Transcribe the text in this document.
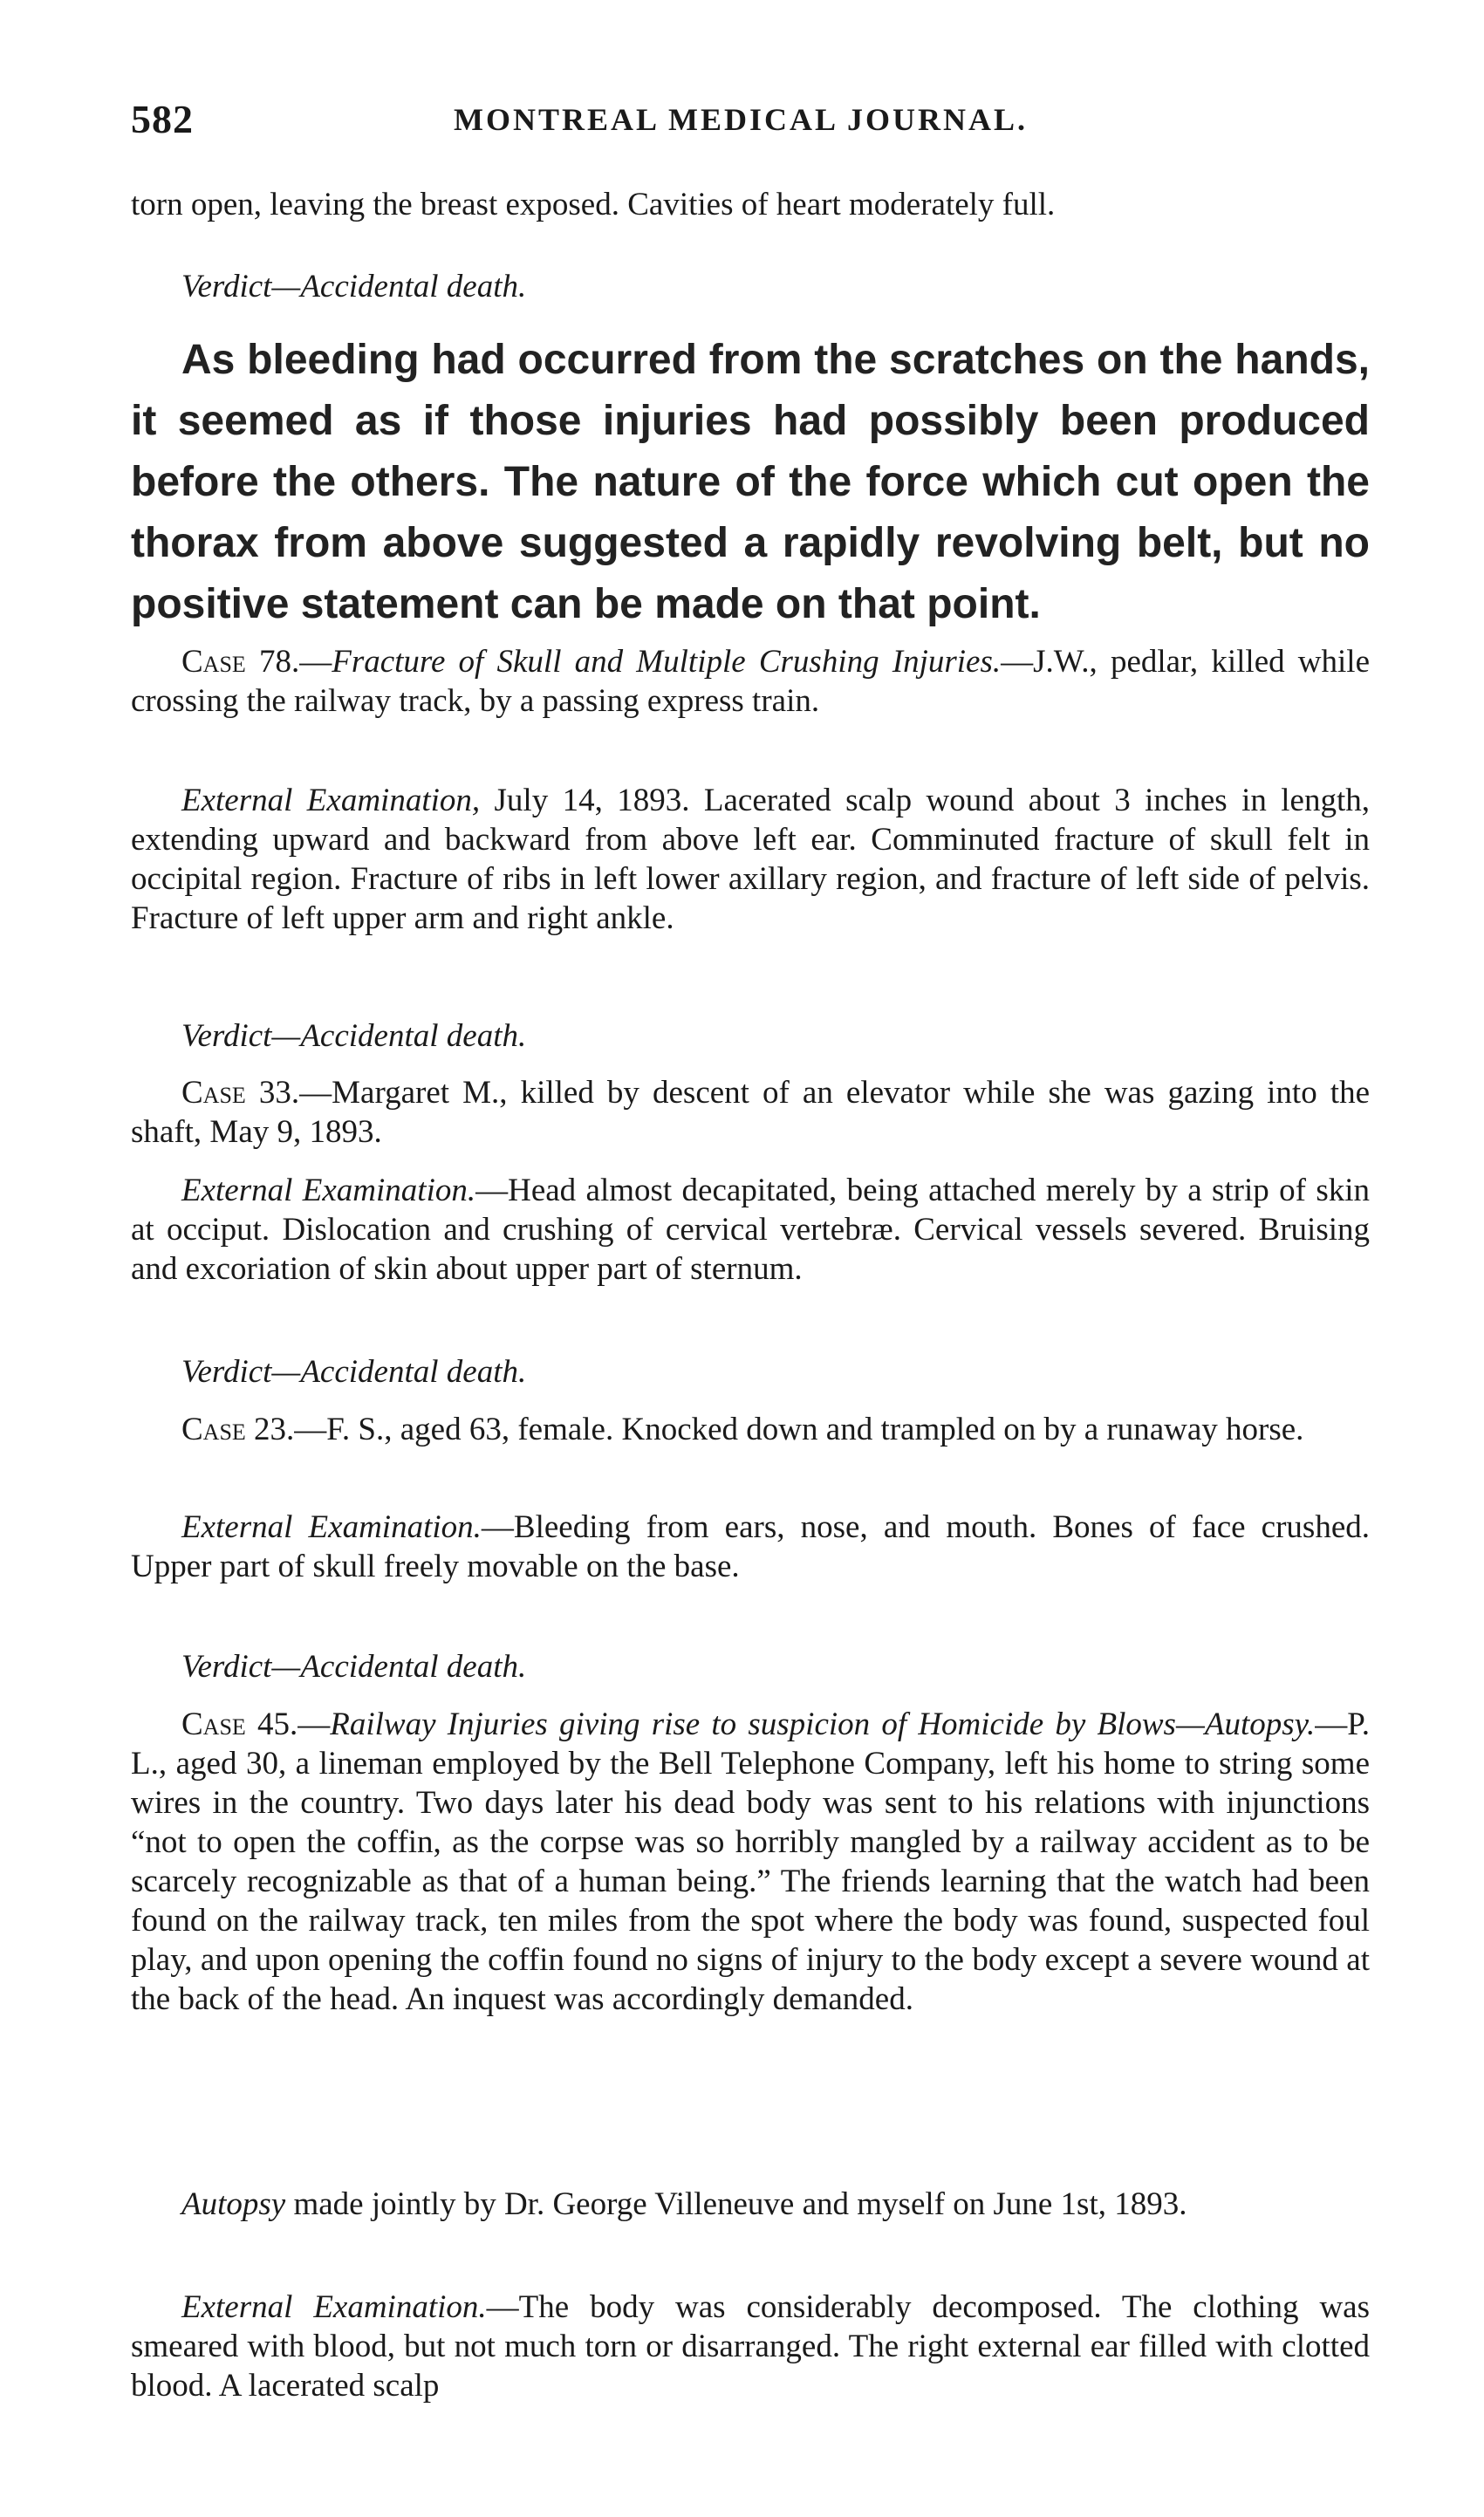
582	MONTREAL MEDICAL JOURNAL.

torn open, leaving the breast exposed. Cavities of heart moderately full.

Verdict—Accidental death.

As bleeding had occurred from the scratches on the hands, it seemed as if those injuries had possibly been produced before the others. The nature of the force which cut open the thorax from above suggested a rapidly revolving belt, but no positive statement can be made on that point.

Case 78.—Fracture of Skull and Multiple Crushing Injuries.—J.W., pedlar, killed while crossing the railway track, by a passing express train.

External Examination, July 14, 1893. Lacerated scalp wound about 3 inches in length, extending upward and backward from above left ear. Comminuted fracture of skull felt in occipital region. Fracture of ribs in left lower axillary region, and fracture of left side of pelvis. Fracture of left upper arm and right ankle.

Verdict—Accidental death.

Case 33.—Margaret M., killed by descent of an elevator while she was gazing into the shaft, May 9, 1893.

External Examination.—Head almost decapitated, being attached merely by a strip of skin at occiput. Dislocation and crushing of cervical vertebræ. Cervical vessels severed. Bruising and excoriation of skin about upper part of sternum.

Verdict—Accidental death.

Case 23.—F. S., aged 63, female. Knocked down and trampled on by a runaway horse.

External Examination.—Bleeding from ears, nose, and mouth. Bones of face crushed. Upper part of skull freely movable on the base.

Verdict—Accidental death.

Case 45.—Railway Injuries giving rise to suspicion of Homicide by Blows—Autopsy.—P. L., aged 30, a lineman employed by the Bell Telephone Company, left his home to string some wires in the country. Two days later his dead body was sent to his relations with injunctions “not to open the coffin, as the corpse was so horribly mangled by a railway accident as to be scarcely recognizable as that of a human being.” The friends learning that the watch had been found on the railway track, ten miles from the spot where the body was found, suspected foul play, and upon opening the coffin found no signs of injury to the body except a severe wound at the back of the head. An inquest was accordingly demanded.

Autopsy made jointly by Dr. George Villeneuve and myself on June 1st, 1893.

External Examination.—The body was considerably decomposed. The clothing was smeared with blood, but not much torn or disarranged. The right external ear filled with clotted blood. A lacerated scalp
